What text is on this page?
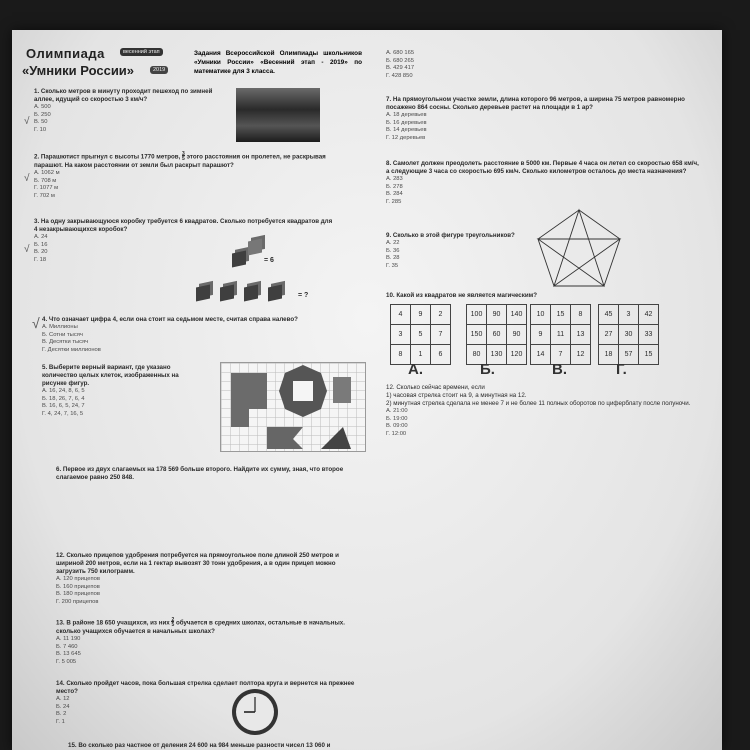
Олимпиада	весенний этап
«Умники России»	2019
Задания Всероссийской Олимпиады школьников «Умники России» «Весенний этап - 2019» по математике для 3 класса.
1. Сколько метров в минуту проходит пешеход по зимней аллее, идущий со скоростью 3 км/ч?
√
А. 500
Б. 250
В. 50
Г. 10
2. Парашютист прыгнул с высоты 1770 метров, 3
5 этого расстояния он пролетел, не раскрывая парашют. На каком расстоянии от земли был раскрыт парашют?
√ А. 1062 м
Б. 708 м
Г. 1077 м
Г. 702 м
3. На одну закрывающуюся коробку требуется 6 квадратов. Сколько потребуется квадратов для 4 незакрывающихся коробок?
√
А. 24
Б. 16
В. 20
Г. 18	= 6
= ?
4. Что означает цифра 4, если она стоит на седьмом месте, считая справа налево?
√ А. Миллионы
Б. Сотни тысяч
В. Десятки тысяч
Г. Десятки миллионов
5. Выберите верный вариант, где указано количество целых клеток, изображенных на рисунке фигур.
А. 16, 24, 8, 6, 5
Б. 18, 26, 7, 6, 4
В. 16, 6, 5, 24, 7
Г. 4, 24, 7, 16, 5
6. Первое из двух слагаемых на 178 569 больше второго. Найдите их сумму, зная, что второе слагаемое равно 250 848.
12. Сколько прицепов удобрения потребуется на прямоугольное поле длиной 250 метров и шириной 200 метров, если на 1 гектар вывозят 30 тонн удобрения, а в один прицеп можно загрузить 750 килограмм.
А. 120 прицепов
Б. 160 прицепов
В. 180 прицепов
Г. 200 прицепов
13. В районе 18 650 учащихся, из них 2
5 обучается в средних школах, остальные в начальных. сколько учащихся обучается в начальных школах?
А. 11 190
Б. 7 460
В. 13 645
Г. 5 005
14. Сколько пройдет часов, пока большая стрелка сделает полтора круга и вернется на прежнее место?
А. 12
Б. 24
В. 2
Г. 1
15. Во сколько раз частное от деления 24 600 на 984 меньше разности чисел 13 060 и
А. 680 165
Б. 680 265
В. 429 417
Г. 428 850
7. На прямоугольном участке земли, длина которого 96 метров, а ширина 75 метров равномерно посажено 864 сосны. Сколько деревьев растет на площади в 1 ар?
А. 18 деревьев
Б. 16 деревьев
В. 14 деревьев
Г. 12 деревьев
8. Самолет должен преодолеть расстояние в 5000 км. Первые 4 часа он летел со скоростью 658 км/ч, а следующие 3 часа со скоростью 695 км/ч. Сколько километров осталось до места назначения?
А. 283
Б. 278
В. 284
Г. 285
9. Сколько в этой фигуре треугольников?
А. 22
Б. 36
В. 28
Г. 35
10. Какой из квадратов не является магическим?
4	9	2
3	5	7
8	1	6
100	90	140
150	60	90
80	130	120
10	15	8
9	11	13
14	7	12
45	3	42
27	30	33
18	57	15
А.	Б.	В.	Г.
12. Сколько сейчас времени, если
1) часовая стрелка стоит на 9, а минутная на 12.
2) минутная стрелка сделала не менее 7 и не более 11 полных оборотов по циферблату после полуночи.
А. 21:00
Б. 19:00
В. 09:00
Г. 12:00
